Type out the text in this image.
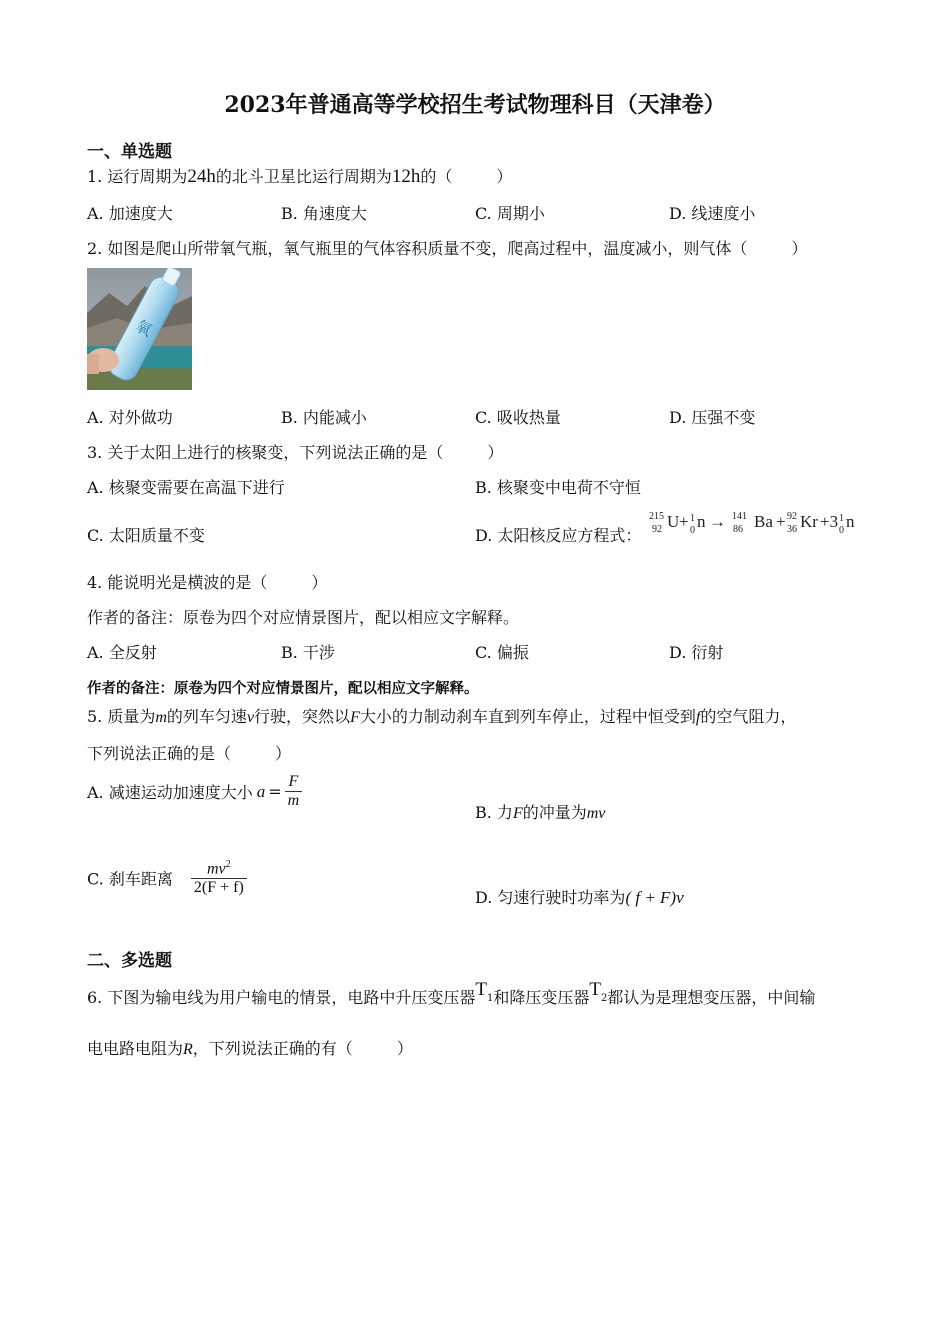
2023年普通高等学校招生考试物理科目（天津卷）
一、单选题
1. 运行周期为24h的北斗卫星比运行周期为12h的（	）
A. 加速度大	B. 角速度大	C. 周期小	D. 线速度小
2. 如图是爬山所带氧气瓶，氧气瓶里的气体容积质量不变，爬高过程中，温度减小，则气体（	）
氧
A. 对外做功	B. 内能减小	C. 吸收热量	D. 压强不变
3. 关于太阳上进行的核聚变，下列说法正确的是（	）
A. 核聚变需要在高温下进行	B. 核聚变中电荷不守恒
C. 太阳质量不变	D. 太阳核反应方程式：
215
92 U + 1
0 n → 141
86 Ba + 92
36 Kr +3 1
0 n
4. 能说明光是横波的是（	）
作者的备注：原卷为四个对应情景图片，配以相应文字解释。
A. 全反射	B. 干涉	C. 偏振	D. 衍射
作者的备注：原卷为四个对应情景图片，配以相应文字解释。
5. 质量为m的列车匀速v行驶，突然以F大小的力制动刹车直到列车停止，过程中恒受到f的空气阻力，
下列说法正确的是（	）
A. 减速运动加速度大小 $a = \frac{F}{m}$
B. 力F的冲量为mv
C. 刹车距离 $\frac{mv^2}{2(F + f)}$
D. 匀速行驶时功率为( f + F)v
二、多选题
6. 下图为输电线为用户输电的情景，电路中升压变压器$T_1$和降压变压器$T_2$都认为是理想变压器，中间输
电电路电阻为R，下列说法正确的有（	）
